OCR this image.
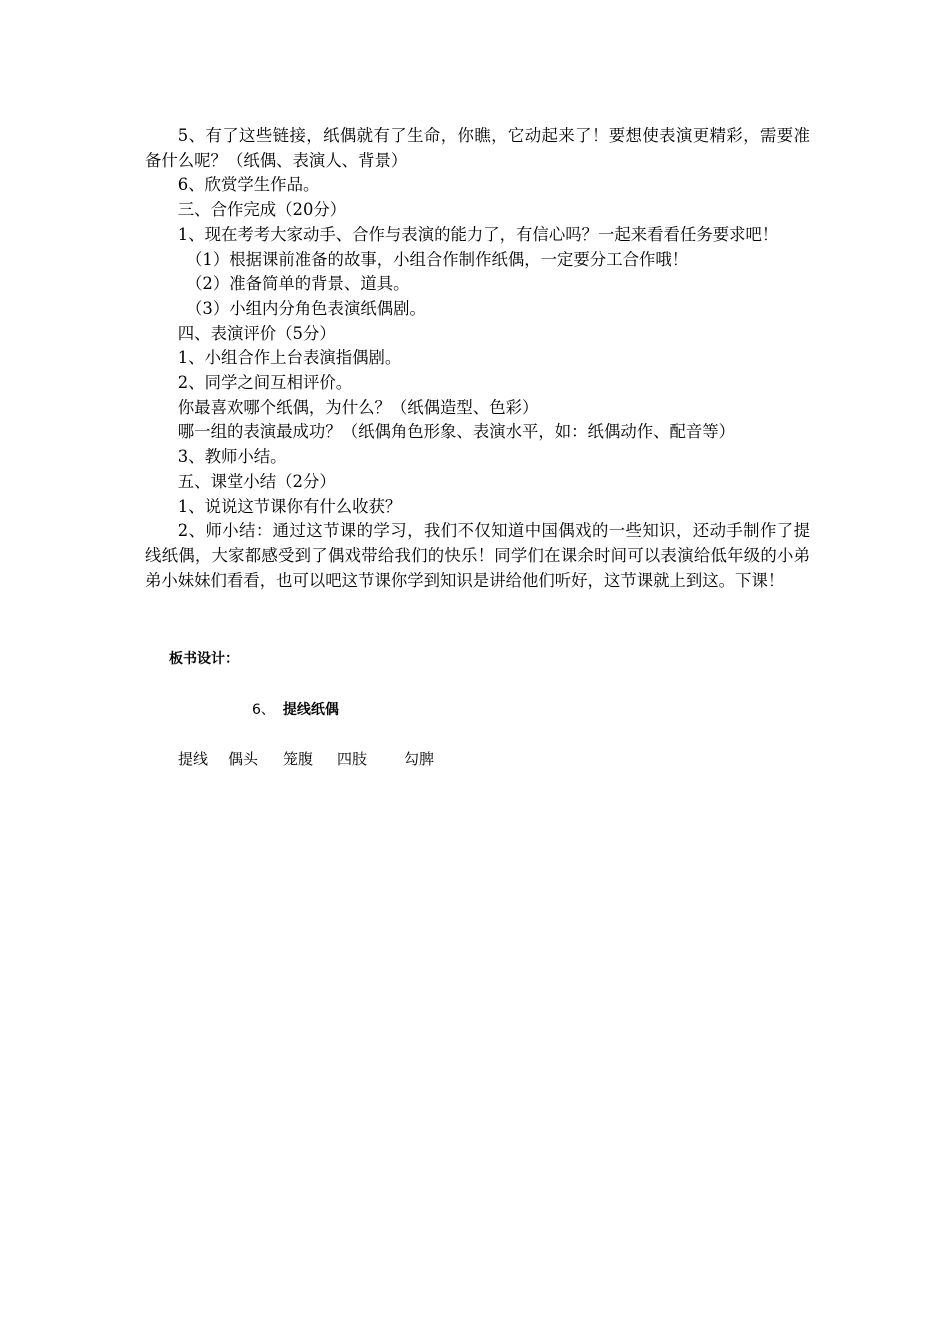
5、有了这些链接，纸偶就有了生命，你瞧，它动起来了！要想使表演更精彩，需要准备什么呢？（纸偶、表演人、背景）

6、欣赏学生作品。

三、合作完成（20分）

1、现在考考大家动手、合作与表演的能力了，有信心吗？一起来看看任务要求吧！

（1）根据课前准备的故事，小组合作制作纸偶，一定要分工合作哦！

（2）准备简单的背景、道具。

（3）小组内分角色表演纸偶剧。

四、表演评价（5分）

1、小组合作上台表演指偶剧。

2、同学之间互相评价。

你最喜欢哪个纸偶，为什么？（纸偶造型、色彩）

哪一组的表演最成功？（纸偶角色形象、表演水平，如：纸偶动作、配音等）

3、教师小结。

五、课堂小结（2分）

1、说说这节课你有什么收获？

2、师小结：通过这节课的学习，我们不仅知道中国偶戏的一些知识，还动手制作了提线纸偶，大家都感受到了偶戏带给我们的快乐！同学们在课余时间可以表演给低年级的小弟弟小妹妹们看看，也可以吧这节课你学到知识是讲给他们听好，这节课就上到这。下课！

板书设计：
6、 提线纸偶
提线 偶头 笼腹 四肢 勾脾
